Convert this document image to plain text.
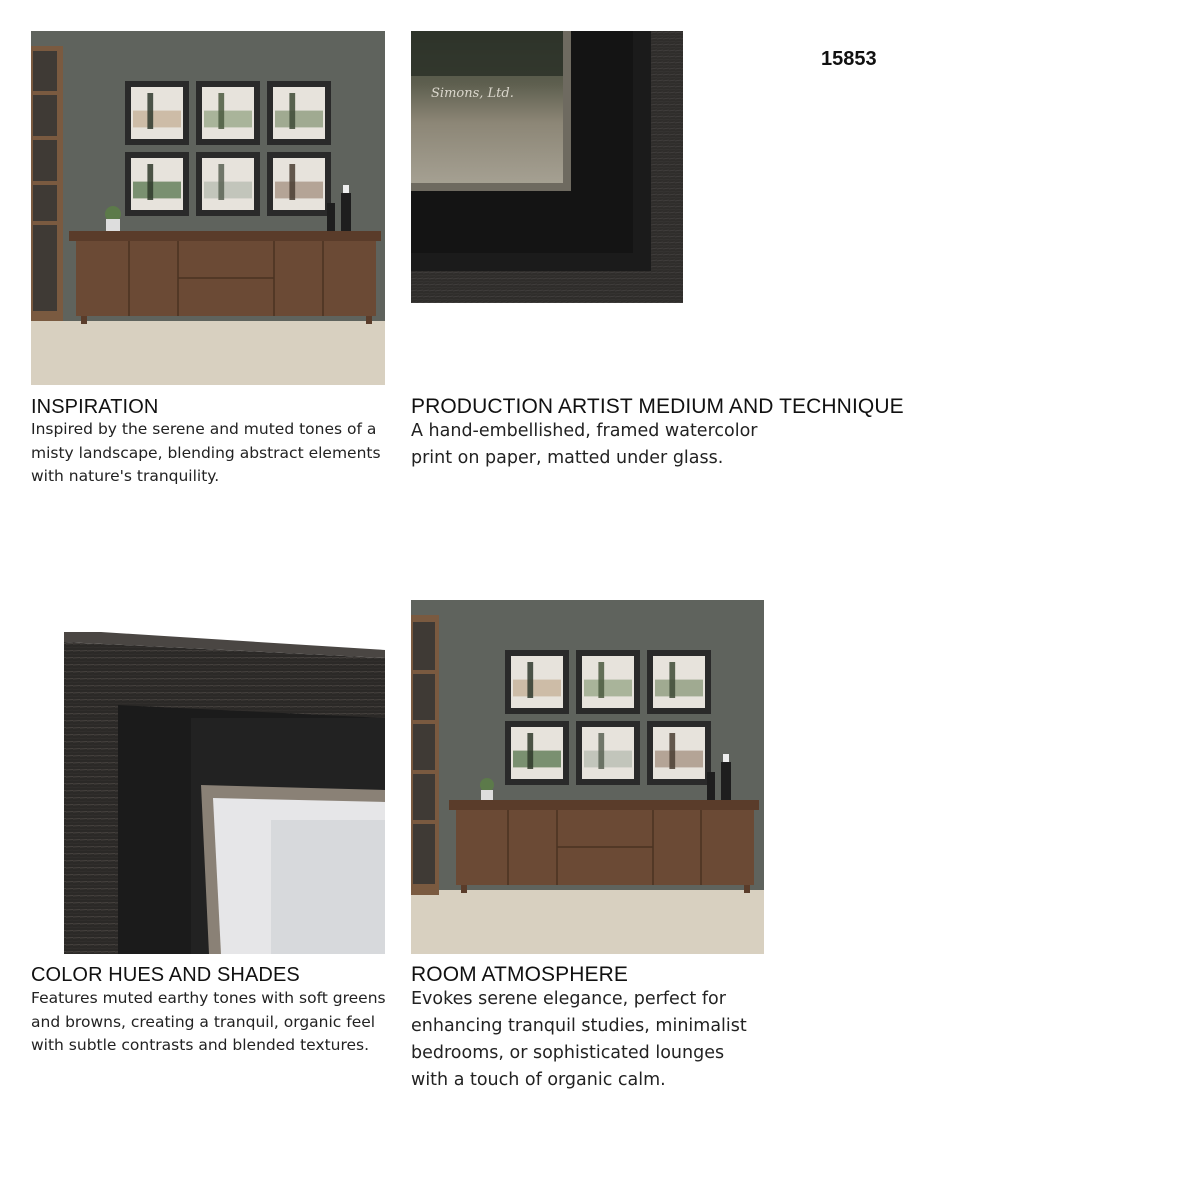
15853
Simons, Ltd.
INSPIRATION
Inspired by the serene and muted tones of a
misty landscape, blending abstract elements
with nature's tranquility.
PRODUCTION ARTIST MEDIUM AND TECHNIQUE
A hand-embellished, framed watercolor
print on paper, matted under glass.
COLOR HUES AND SHADES
Features muted earthy tones with soft greens
and browns, creating a tranquil, organic feel
with subtle contrasts and blended textures.
ROOM ATMOSPHERE
Evokes serene elegance, perfect for
enhancing tranquil studies, minimalist
bedrooms, or sophisticated lounges
with a touch of organic calm.
